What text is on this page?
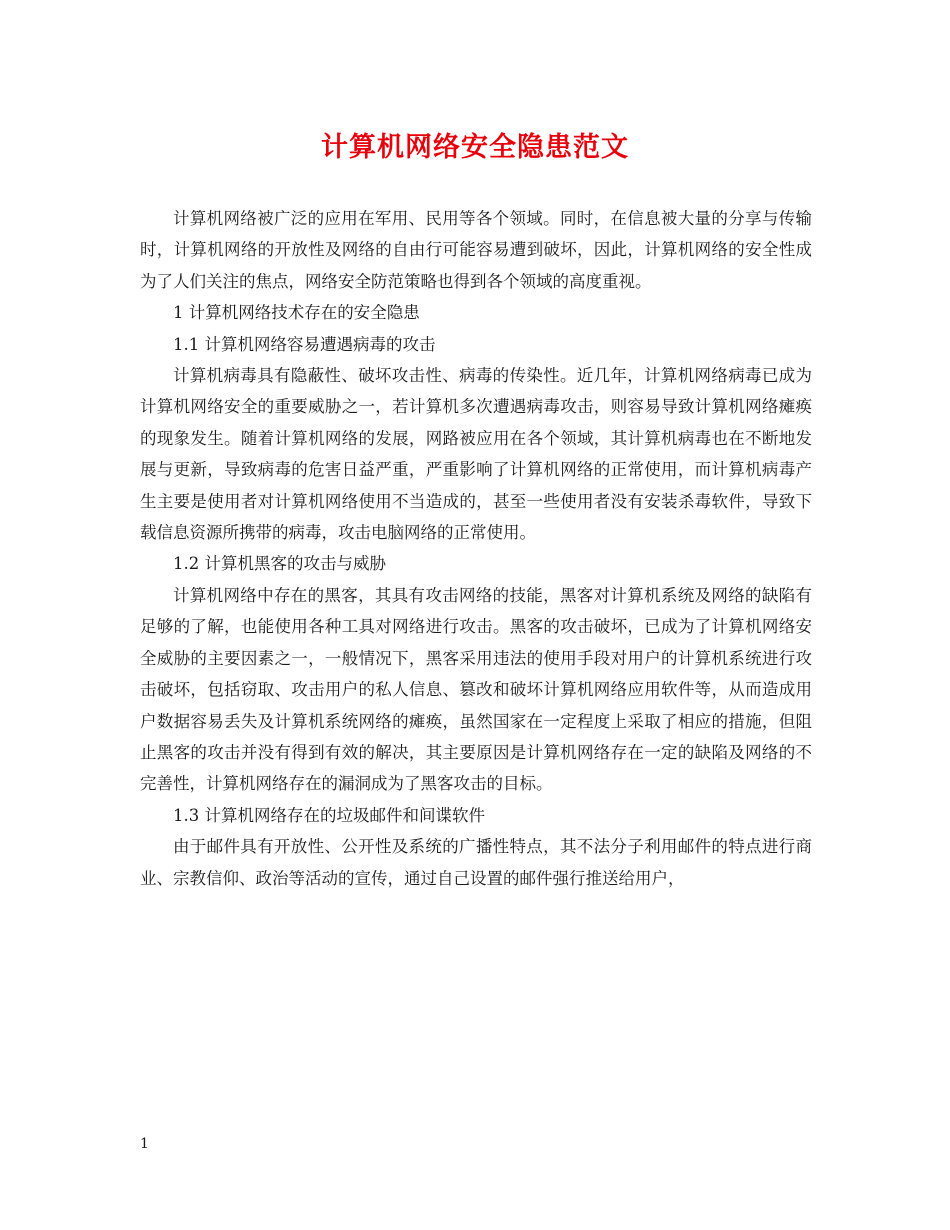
计算机网络安全隐患范文

计算机网络被广泛的应用在军用、民用等各个领域。同时，在信息被大量的分享与传输时，计算机网络的开放性及网络的自由行可能容易遭到破坏，因此，计算机网络的安全性成为了人们关注的焦点，网络安全防范策略也得到各个领域的高度重视。

1 计算机网络技术存在的安全隐患

1.1 计算机网络容易遭遇病毒的攻击

计算机病毒具有隐蔽性、破坏攻击性、病毒的传染性。近几年，计算机网络病毒已成为计算机网络安全的重要威胁之一，若计算机多次遭遇病毒攻击，则容易导致计算机网络瘫痪的现象发生。随着计算机网络的发展，网路被应用在各个领域，其计算机病毒也在不断地发展与更新，导致病毒的危害日益严重，严重影响了计算机网络的正常使用，而计算机病毒产生主要是使用者对计算机网络使用不当造成的，甚至一些使用者没有安装杀毒软件，导致下载信息资源所携带的病毒，攻击电脑网络的正常使用。

1.2 计算机黑客的攻击与威胁

计算机网络中存在的黑客，其具有攻击网络的技能，黑客对计算机系统及网络的缺陷有足够的了解，也能使用各种工具对网络进行攻击。黑客的攻击破坏，已成为了计算机网络安全威胁的主要因素之一，一般情况下，黑客采用违法的使用手段对用户的计算机系统进行攻击破坏，包括窃取、攻击用户的私人信息、篡改和破坏计算机网络应用软件等，从而造成用户数据容易丢失及计算机系统网络的瘫痪，虽然国家在一定程度上采取了相应的措施，但阻止黑客的攻击并没有得到有效的解决，其主要原因是计算机网络存在一定的缺陷及网络的不完善性，计算机网络存在的漏洞成为了黑客攻击的目标。

1.3 计算机网络存在的垃圾邮件和间谍软件

由于邮件具有开放性、公开性及系统的广播性特点，其不法分子利用邮件的特点进行商业、宗教信仰、政治等活动的宣传，通过自己设置的邮件强行推送给用户，

1
